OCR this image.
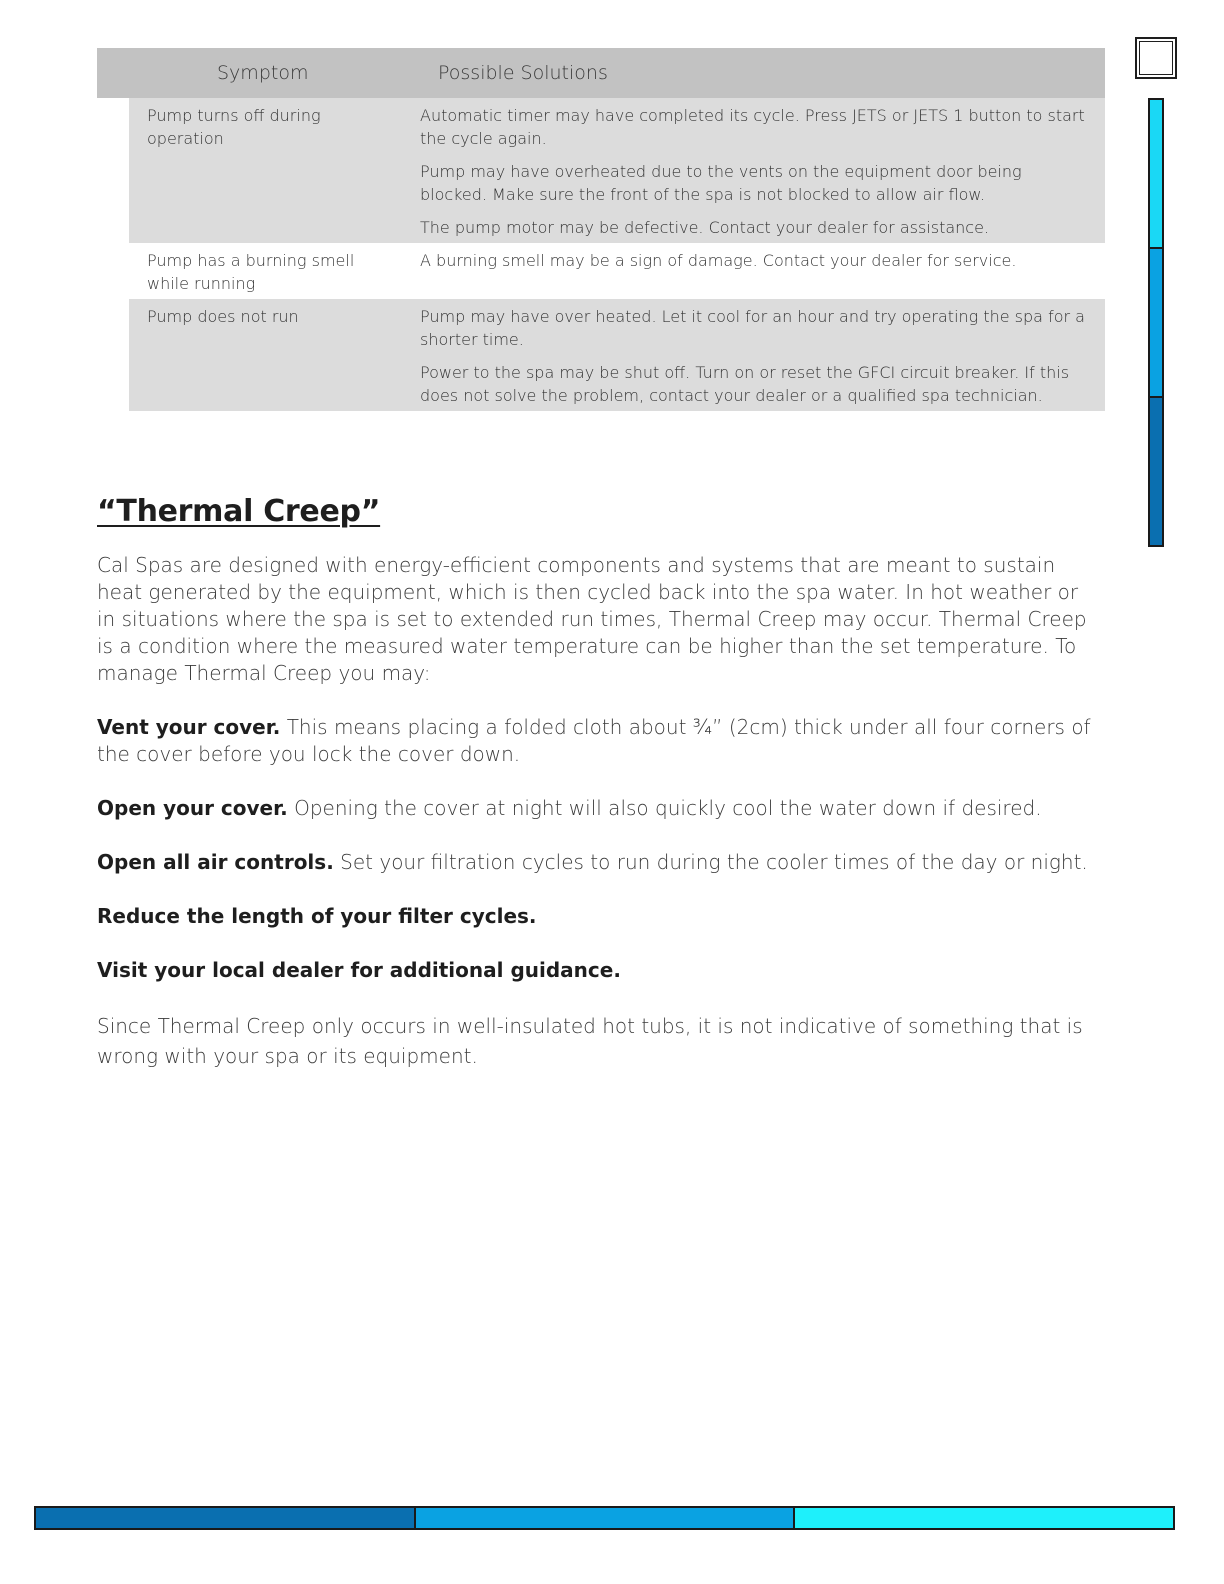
Symptom	Possible Solutions
Pump turns off during operation

Automatic timer may have completed its cycle. Press JETS or JETS 1 button to start the cycle again.

Pump may have overheated due to the vents on the equipment door being blocked. Make sure the front of the spa is not blocked to allow air flow.

The pump motor may be defective. Contact your dealer for assistance.

Pump has a burning smell while running

A burning smell may be a sign of damage. Contact your dealer for service.

Pump does not run	Pump may have over heated. Let it cool for an hour and try operating the spa for a shorter time.

Power to the spa may be shut off. Turn on or reset the GFCI circuit breaker. If this does not solve the problem, contact your dealer or a qualified spa technician.

“Thermal Creep”

Cal Spas are designed with energy-efficient components and systems that are meant to sustain heat generated by the equipment, which is then cycled back into the spa water. In hot weather or in situations where the spa is set to extended run times, Thermal Creep may occur. Thermal Creep is a condition where the measured water temperature can be higher than the set temperature. To manage Thermal Creep you may:

Vent your cover. This means placing a folded cloth about ¾” (2cm) thick under all four corners of the cover before you lock the cover down.

Open your cover. Opening the cover at night will also quickly cool the water down if desired.

Open all air controls. Set your filtration cycles to run during the cooler times of the day or night.

Reduce the length of your filter cycles.

Visit your local dealer for additional guidance.

Since Thermal Creep only occurs in well-insulated hot tubs, it is not indicative of something that is wrong with your spa or its equipment.
